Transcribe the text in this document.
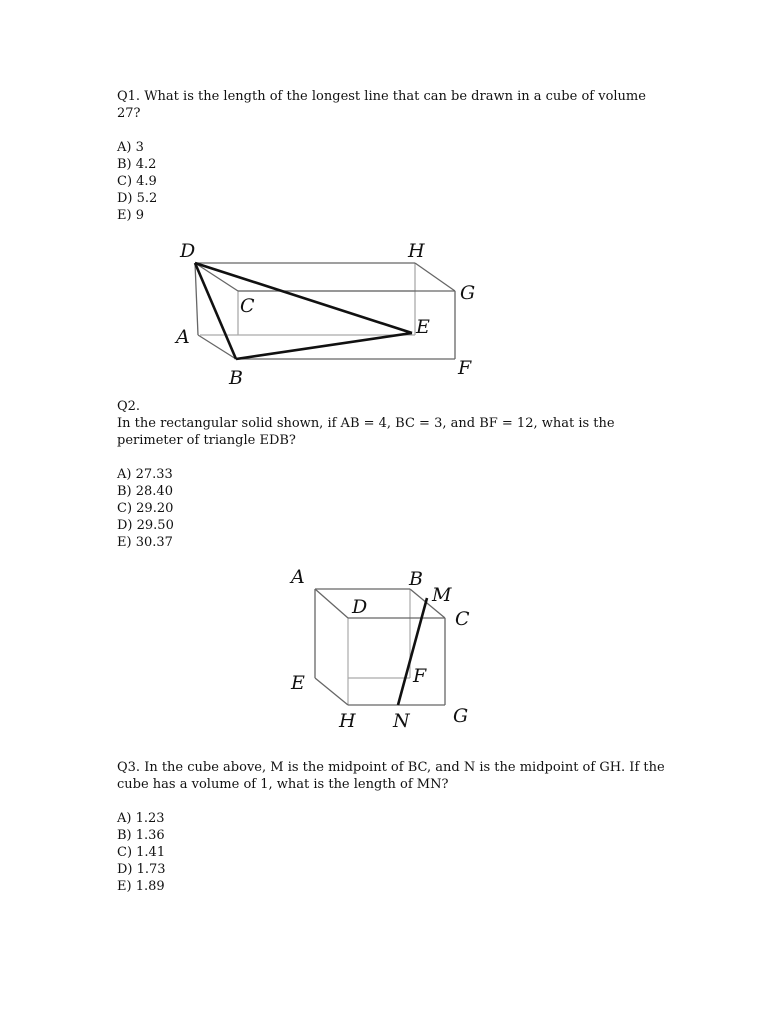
Q1. What is the length of the longest line that can be drawn in a cube of volume
27?
A) 3
B) 4.2
C) 4.9
D) 5.2
E) 9
D	H
C
G
A	E
B	F
Q2.
In the rectangular solid shown, if AB = 4, BC = 3, and BF = 12, what is the
perimeter of triangle EDB?
A) 27.33
B) 28.40
C) 29.20
D) 29.50
E) 30.37
A	B
M
D
C
E	F
H N G
Q3. In the cube above, M is the midpoint of BC, and N is the midpoint of GH. If the
cube has a volume of 1, what is the length of MN?
A) 1.23
B) 1.36
C) 1.41
D) 1.73
E) 1.89
